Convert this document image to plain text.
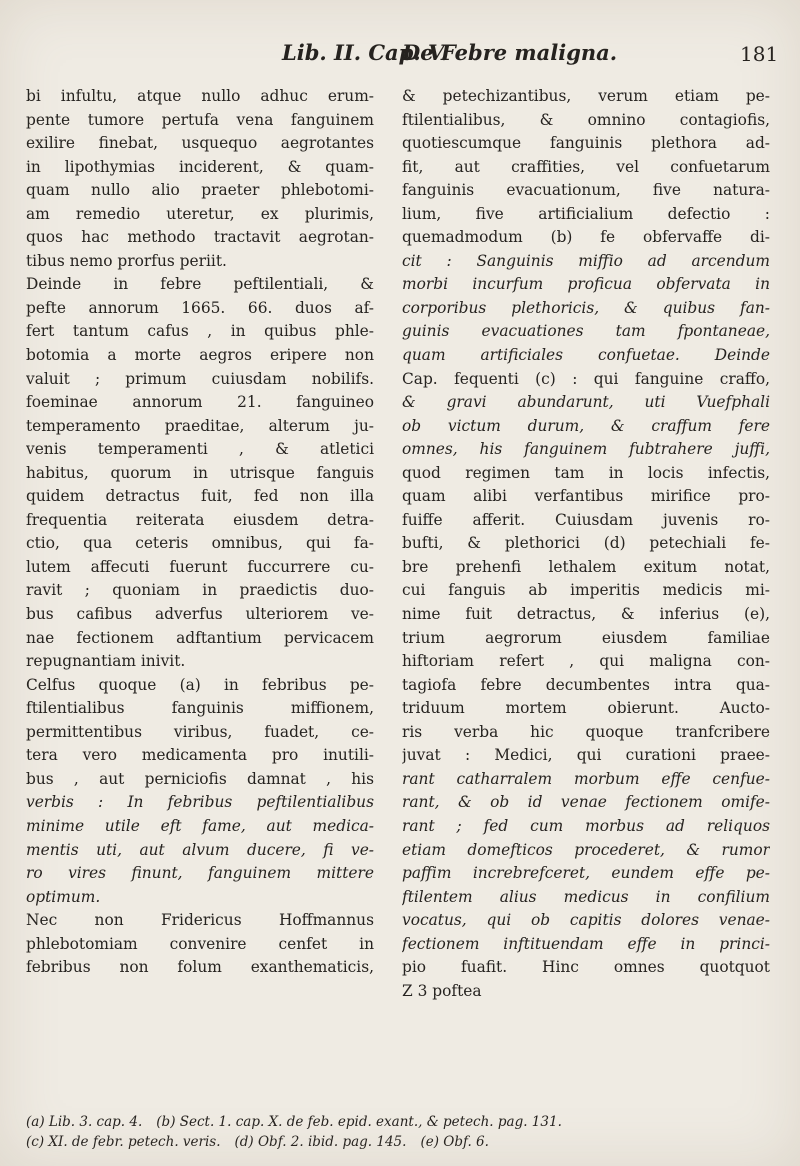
Lib. II. Cap. V.
De Febre maligna.	181
bi infultu, atque nullo adhuc erum-
pente tumore pertufa vena fanguinem
exilire finebat, usquequo aegrotantes
in lipothymias inciderent, & quam-
quam nullo alio praeter phlebotomi-
am remedio uteretur, ex plurimis,
quos hac methodo tractavit aegrotan-
tibus nemo prorfus periit.
Deinde in febre peftilentiali, &
pefte annorum 1665. 66. duos af-
fert tantum cafus , in quibus phle-
botomia a morte aegros eripere non
valuit ; primum cuiusdam nobilifs.
foeminae annorum 21. fanguineo
temperamento praeditae, alterum ju-
venis temperamenti , & atletici
habitus, quorum in utrisque fanguis
quidem detractus fuit, fed non illa
frequentia reiterata eiusdem detra-
ctio, qua ceteris omnibus, qui fa-
lutem affecuti fuerunt fuccurrere cu-
ravit ; quoniam in praedictis duo-
bus cafibus adverfus ulteriorem ve-
nae fectionem adftantium pervicacem
repugnantiam inivit.
Celfus quoque (a) in febribus pe-
ftilentialibus fanguinis miffionem,
permittentibus viribus, fuadet, ce-
tera vero medicamenta pro inutili-
bus , aut perniciofis damnat , his
verbis : In febribus peftilentialibus
minime utile eft fame, aut medica-
mentis uti, aut alvum ducere, fi ve-
ro vires finunt, fanguinem mittere
optimum.
Nec non Fridericus Hoffmannus
phlebotomiam convenire cenfet in
febribus non folum exanthematicis,
& petechizantibus, verum etiam pe-
ftilentialibus, & omnino contagiofis,
quotiescumque fanguinis plethora ad-
fit, aut craffities, vel confuetarum
fanguinis evacuationum, five natura-
lium, five artificialium defectio :
quemadmodum (b) fe obfervaffe di-
cit : Sanguinis miffio ad arcendum
morbi incurfum proficua obfervata in
corporibus plethoricis, & quibus fan-
guinis evacuationes tam fpontaneae,
quam artificiales confuetae. Deinde
Cap. fequenti (c) : qui fanguine craffo,
& gravi abundarunt, uti Vuefphali
ob victum durum, & craffum fere
omnes, his fanguinem fubtrahere juffi,
quod regimen tam in locis infectis,
quam alibi verfantibus mirifice pro-
fuiffe afferit. Cuiusdam juvenis ro-
bufti, & plethorici (d) petechiali fe-
bre prehenfi lethalem exitum notat,
cui fanguis ab imperitis medicis mi-
nime fuit detractus, & inferius (e),
trium aegrorum eiusdem familiae
hiftoriam refert , qui maligna con-
tagiofa febre decumbentes intra qua-
triduum mortem obierunt. Aucto-
ris verba hic quoque tranfcribere
juvat : Medici, qui curationi praee-
rant catharralem morbum effe cenfue-
rant, & ob id venae fectionem omife-
rant ; fed cum morbus ad reliquos
etiam domefticos procederet, & rumor
paffim increbrefceret, eundem effe pe-
ftilentem alius medicus in confilium
vocatus, qui ob capitis dolores venae-
fectionem inftituendam effe in princi-
pio fuafit. Hinc omnes quotquot
Z 3 poftea
(a) Lib. 3. cap. 4. (b) Sect. 1. cap. X. de feb. epid. exant., & petech. pag. 131.
(c) XI. de febr. petech. veris. (d) Obf. 2. ibid. pag. 145. (e) Obf. 6.
